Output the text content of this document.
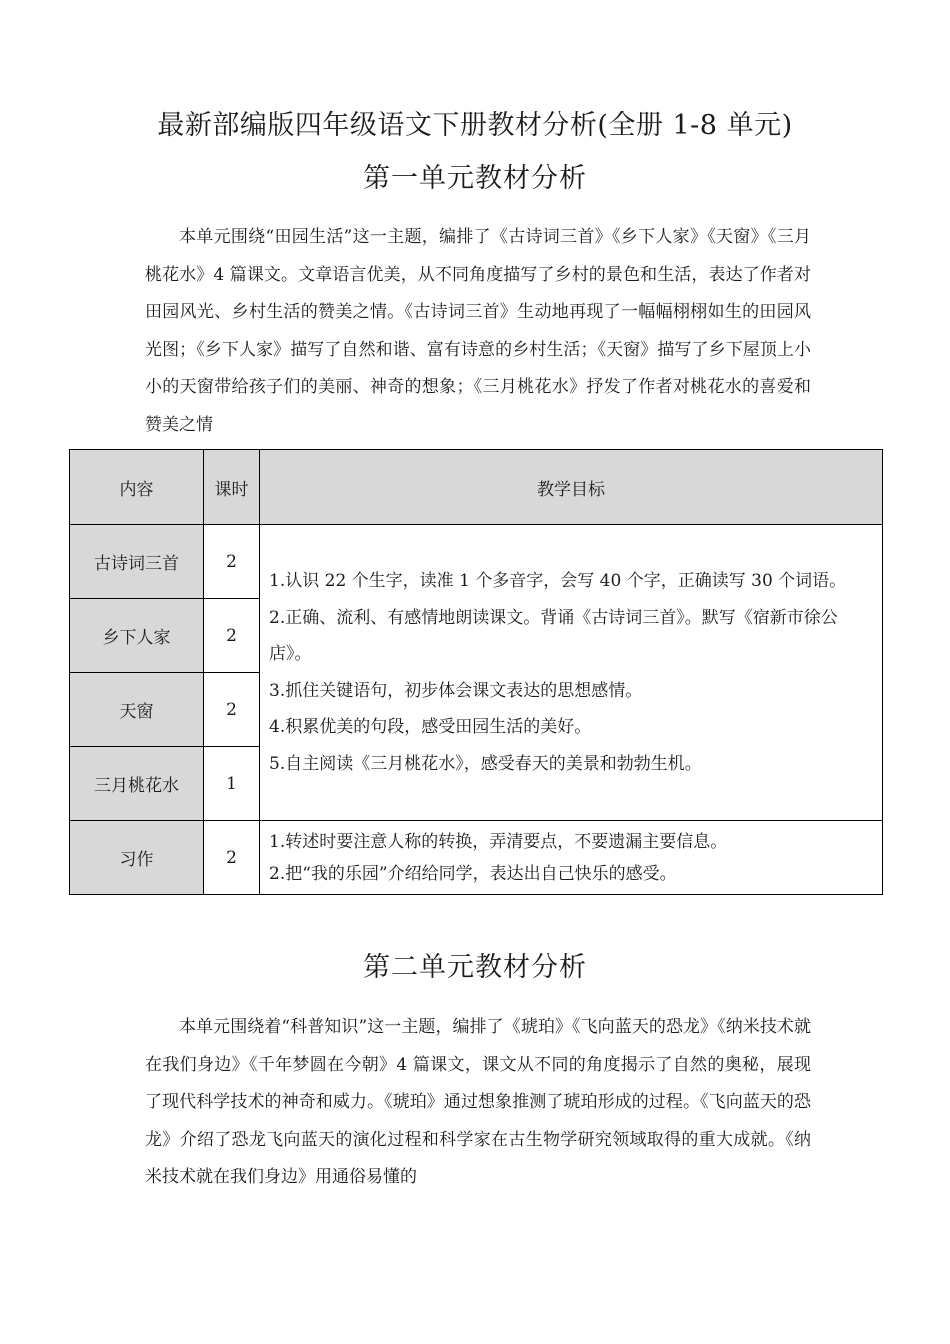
最新部编版四年级语文下册教材分析(全册 1-8 单元)
第一单元教材分析

本单元围绕“田园生活”这一主题，编排了《古诗词三首》《乡下人家》《天窗》《三月桃花水》4 篇课文。文章语言优美，从不同角度描写了乡村的景色和生活，表达了作者对田园风光、乡村生活的赞美之情。《古诗词三首》生动地再现了一幅幅栩栩如生的田园风光图；《乡下人家》描写了自然和谐、富有诗意的乡村生活；《天窗》描写了乡下屋顶上小小的天窗带给孩子们的美丽、神奇的想象；《三月桃花水》抒发了作者对桃花水的喜爱和赞美之情

内容	课时	教学目标
古诗词三首	2	1.认识 22 个生字，读准 1 个多音字，会写 40 个字，正确读写 30 个词语。

2.正确、流利、有感情地朗读课文。背诵《古诗词三首》。默写《宿新市徐公店》。

3.抓住关键语句，初步体会课文表达的思想感情。

4.积累优美的句段，感受田园生活的美好。

5.自主阅读《三月桃花水》，感受春天的美景和勃勃生机。

乡下人家	2	
天窗	2	
三月桃花水	1	
习作	2	1.转述时要注意人称的转换，弄清要点，不要遗漏主要信息。

2.把“我的乐园”介绍给同学，表达出自己快乐的感受。

第二单元教材分析

本单元围绕着“科普知识”这一主题，编排了《琥珀》《飞向蓝天的恐龙》《纳米技术就在我们身边》《千年梦圆在今朝》4 篇课文，课文从不同的角度揭示了自然的奥秘，展现了现代科学技术的神奇和威力。《琥珀》通过想象推测了琥珀形成的过程。《飞向蓝天的恐龙》介绍了恐龙飞向蓝天的演化过程和科学家在古生物学研究领域取得的重大成就。《纳米技术就在我们身边》用通俗易懂的
